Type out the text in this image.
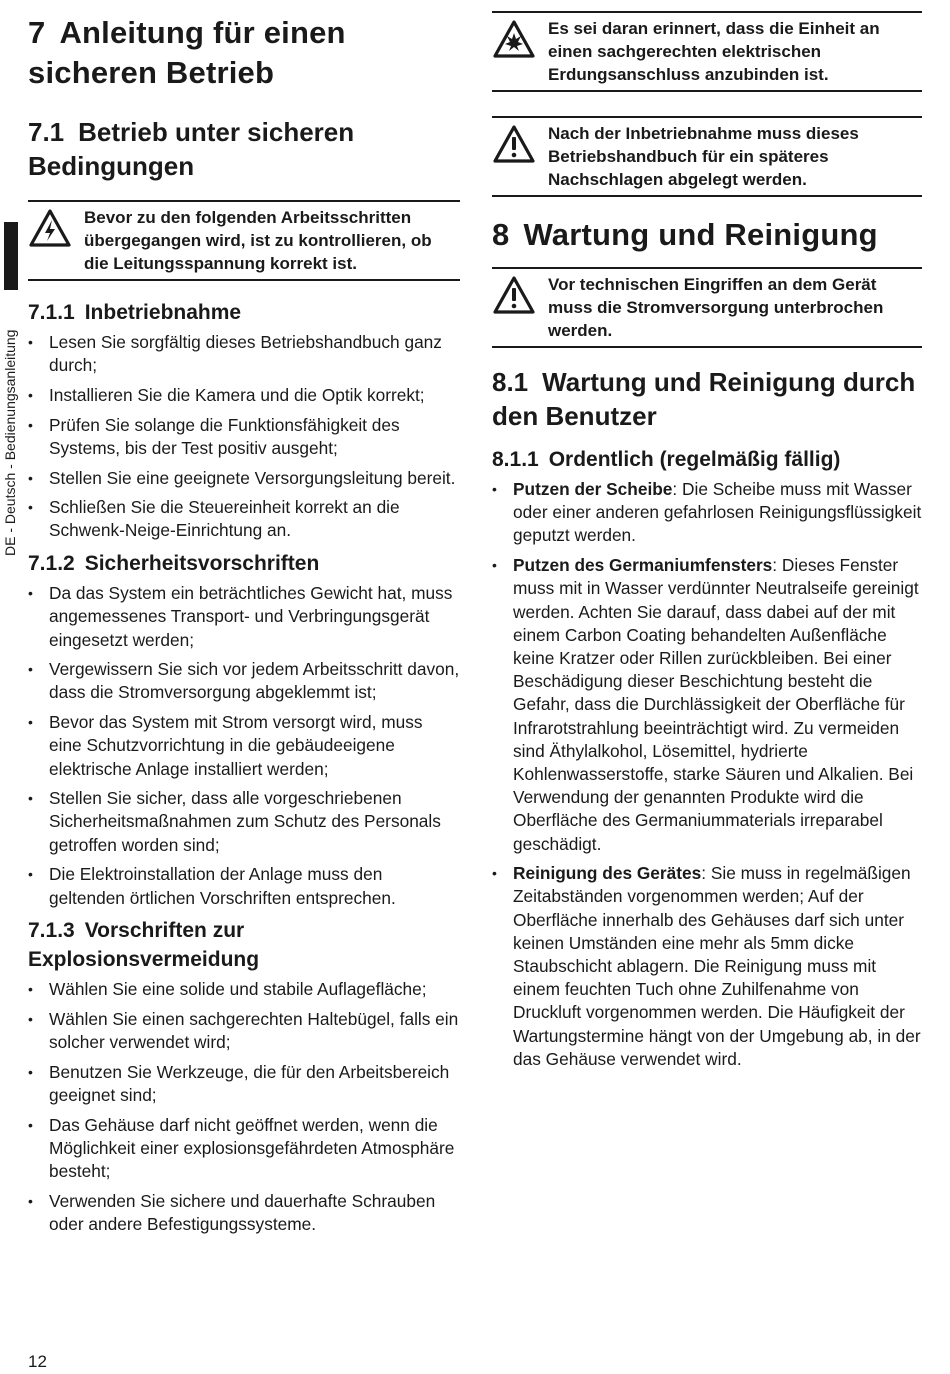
DE - Deutsch - Bedienungsanleitung
7 Anleitung für einen sicheren Betrieb
7.1 Betrieb unter sicheren Bedingungen
Bevor zu den folgenden Arbeitsschritten übergegangen wird, ist zu kontrollieren, ob die Leitungsspannung korrekt ist.
7.1.1 Inbetriebnahme
• Lesen Sie sorgfältig dieses Betriebshandbuch ganz durch;
• Installieren Sie die Kamera und die Optik korrekt;
• Prüfen Sie solange die Funktionsfähigkeit des Systems, bis der Test positiv ausgeht;
• Stellen Sie eine geeignete Versorgungsleitung bereit.
• Schließen Sie die Steuereinheit korrekt an die Schwenk-Neige-Einrichtung an.
7.1.2 Sicherheitsvorschriften
• Da das System ein beträchtliches Gewicht hat, muss angemessenes Transport- und Verbringungsgerät eingesetzt werden;
• Vergewissern Sie sich vor jedem Arbeitsschritt davon, dass die Stromversorgung abgeklemmt ist;
• Bevor das System mit Strom versorgt wird, muss eine Schutzvorrichtung in die gebäudeeigene elektrische Anlage installiert werden;
• Stellen Sie sicher, dass alle vorgeschriebenen Sicherheitsmaßnahmen zum Schutz des Personals getroffen worden sind;
• Die Elektroinstallation der Anlage muss den geltenden örtlichen Vorschriften entsprechen.
7.1.3 Vorschriften zur Explosionsvermeidung
• Wählen Sie eine solide und stabile Auflagefläche;
• Wählen Sie einen sachgerechten Haltebügel, falls ein solcher verwendet wird;
• Benutzen Sie Werkzeuge, die für den Arbeitsbereich geeignet sind;
• Das Gehäuse darf nicht geöffnet werden, wenn die Möglichkeit einer explosionsgefährdeten Atmosphäre besteht;
• Verwenden Sie sichere und dauerhafte Schrauben oder andere Befestigungssysteme.
Es sei daran erinnert, dass die Einheit an einen sachgerechten elektrischen Erdungsanschluss anzubinden ist.
Nach der Inbetriebnahme muss dieses Betriebshandbuch für ein späteres Nachschlagen abgelegt werden.
8 Wartung und Reinigung
Vor technischen Eingriffen an dem Gerät muss die Stromversorgung unterbrochen werden.
8.1 Wartung und Reinigung durch den Benutzer
8.1.1 Ordentlich (regelmäßig fällig)
• Putzen der Scheibe: Die Scheibe muss mit Wasser oder einer anderen gefahrlosen Reinigungsflüssigkeit geputzt werden.
• Putzen des Germaniumfensters: Dieses Fenster muss mit in Wasser verdünnter Neutralseife gereinigt werden. Achten Sie darauf, dass dabei auf der mit einem Carbon Coating behandelten Außenfläche keine Kratzer oder Rillen zurückbleiben. Bei einer Beschädigung dieser Beschichtung besteht die Gefahr, dass die Durchlässigkeit der Oberfläche für Infrarotstrahlung beeinträchtigt wird. Zu vermeiden sind Äthylalkohol, Lösemittel, hydrierte Kohlenwasserstoffe, starke Säuren und Alkalien. Bei Verwendung der genannten Produkte wird die Oberfläche des Germaniummaterials irreparabel geschädigt.
• Reinigung des Gerätes: Sie muss in regelmäßigen Zeitabständen vorgenommen werden; Auf der Oberfläche innerhalb des Gehäuses darf sich unter keinen Umständen eine mehr als 5mm dicke Staubschicht ablagern. Die Reinigung muss mit einem feuchten Tuch ohne Zuhilfenahme von Druckluft vorgenommen werden. Die Häufigkeit der Wartungstermine hängt von der Umgebung ab, in der das Gehäuse verwendet wird.
12
